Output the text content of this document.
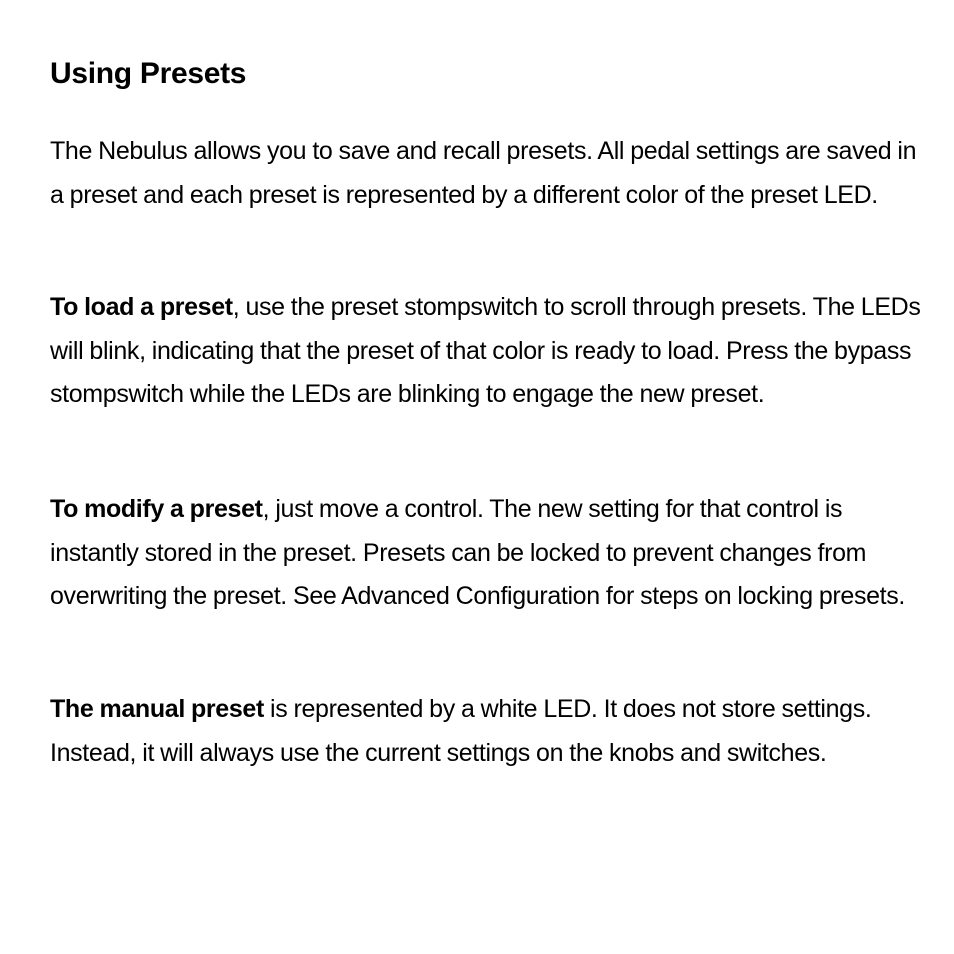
Using Presets

The Nebulus allows you to save and recall presets. All pedal settings are saved in a preset and each preset is represented by a different color of the preset LED.

To load a preset, use the preset stompswitch to scroll through presets. The LEDs will blink, indicating that the preset of that color is ready to load. Press the bypass stompswitch while the LEDs are blinking to engage the new preset.

To modify a preset, just move a control. The new setting for that control is instantly stored in the preset. Presets can be locked to prevent changes from overwriting the preset. See Advanced Configuration for steps on locking presets.

The manual preset is represented by a white LED. It does not store settings. Instead, it will always use the current settings on the knobs and switches.
